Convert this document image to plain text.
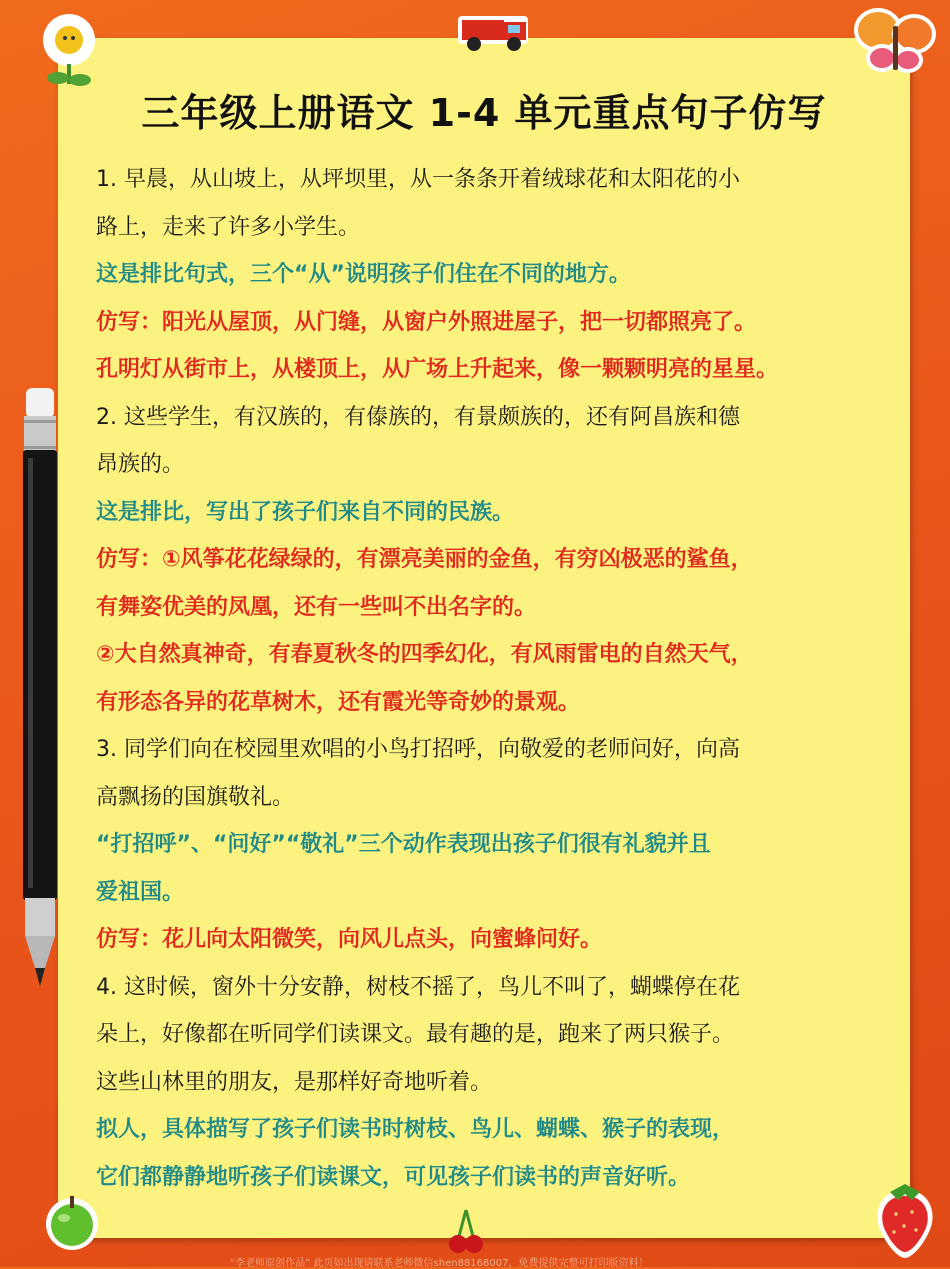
三年级上册语文 1-4 单元重点句子仿写
1. 早晨，从山坡上，从坪坝里，从一条条开着绒球花和太阳花的小
路上，走来了许多小学生。
这是排比句式，三个“从”说明孩子们住在不同的地方。
仿写：阳光从屋顶，从门缝，从窗户外照进屋子，把一切都照亮了。
孔明灯从街市上，从楼顶上，从广场上升起来，像一颗颗明亮的星星。
2. 这些学生，有汉族的，有傣族的，有景颇族的，还有阿昌族和德
昂族的。
这是排比，写出了孩子们来自不同的民族。
仿写：①风筝花花绿绿的，有漂亮美丽的金鱼，有穷凶极恶的鲨鱼，
有舞姿优美的凤凰，还有一些叫不出名字的。
②大自然真神奇，有春夏秋冬的四季幻化，有风雨雷电的自然天气，
有形态各异的花草树木，还有霞光等奇妙的景观。
3. 同学们向在校园里欢唱的小鸟打招呼，向敬爱的老师问好，向高
高飘扬的国旗敬礼。
“打招呼”、“问好”“敬礼”三个动作表现出孩子们很有礼貌并且
爱祖国。
仿写：花儿向太阳微笑，向风儿点头，向蜜蜂问好。
4. 这时候，窗外十分安静，树枝不摇了，鸟儿不叫了，蝴蝶停在花
朵上，好像都在听同学们读课文。最有趣的是，跑来了两只猴子。
这些山林里的朋友，是那样好奇地听着。
拟人，具体描写了孩子们读书时树枝、鸟儿、蝴蝶、猴子的表现，
它们都静静地听孩子们读课文，可见孩子们读书的声音好听。
“李老师原创作品” 此页如出现请联系老师微信shen88168007，免费提供完整可打印版资料！
